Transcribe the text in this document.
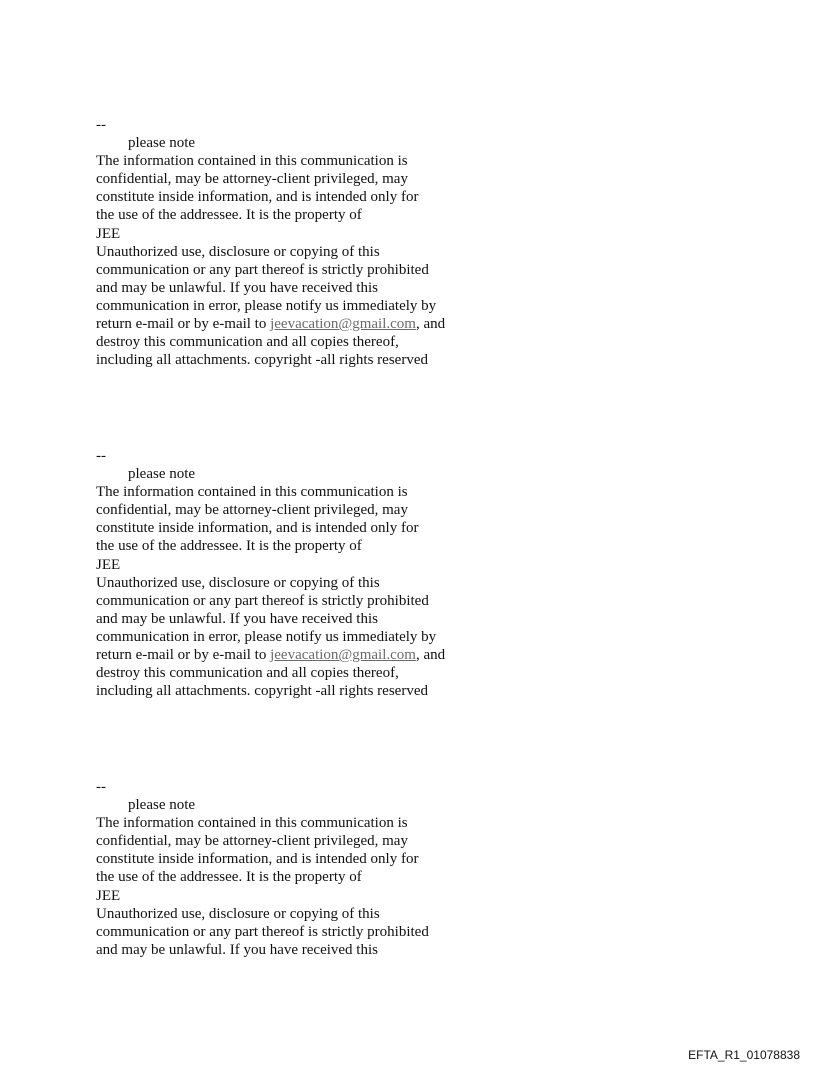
--
please note
The information contained in this communication is
confidential, may be attorney-client privileged, may
constitute inside information, and is intended only for
the use of the addressee. It is the property of
JEE
Unauthorized use, disclosure or copying of this
communication or any part thereof is strictly prohibited
and may be unlawful. If you have received this
communication in error, please notify us immediately by
return e-mail or by e-mail to jeevacation@gmail.com, and
destroy this communication and all copies thereof,
including all attachments. copyright -all rights reserved
--
please note
The information contained in this communication is
confidential, may be attorney-client privileged, may
constitute inside information, and is intended only for
the use of the addressee. It is the property of
JEE
Unauthorized use, disclosure or copying of this
communication or any part thereof is strictly prohibited
and may be unlawful. If you have received this
communication in error, please notify us immediately by
return e-mail or by e-mail to jeevacation@gmail.com, and
destroy this communication and all copies thereof,
including all attachments. copyright -all rights reserved
--
please note
The information contained in this communication is
confidential, may be attorney-client privileged, may
constitute inside information, and is intended only for
the use of the addressee. It is the property of
JEE
Unauthorized use, disclosure or copying of this
communication or any part thereof is strictly prohibited
and may be unlawful. If you have received this
EFTA_R1_01078838
